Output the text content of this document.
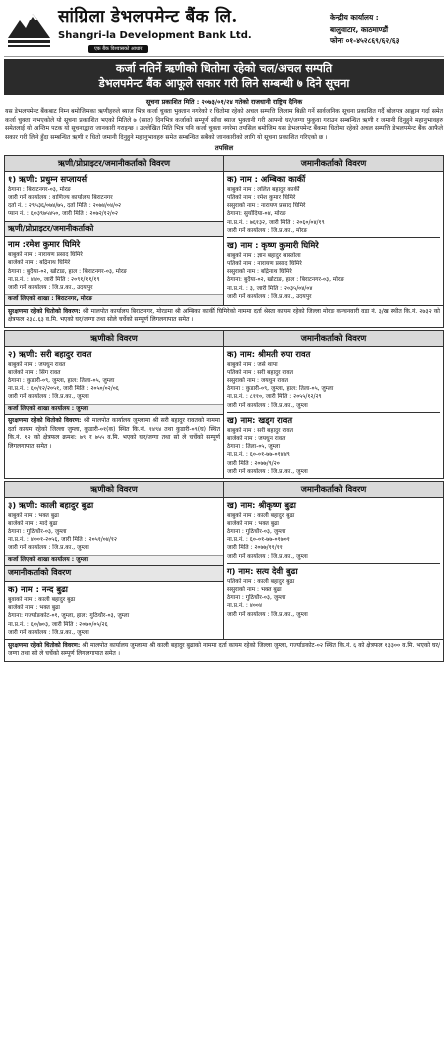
सांग्रिला डेभलपमेन्ट बैंक लि.
Shangri-la Development Bank Ltd.
एक बैंक विश्वासको आधार
केन्द्रीय कार्यालय :
बालुवाटार, काठमाण्डौं
फोनः ०१-४५२८६९/६२/६३
कर्जा नतिर्ने ऋणीको धितोमा रहेको चल/अचल सम्पति
डेभलपमेन्ट बैंक आफूले सकार गरी लिने सम्बन्धी ७ दिने सूचना
सूचना प्रकाशित मिति : २०७३/०१/२४ गतेको राजधानी राष्ट्रिय दैनिक
यस डेभलपमेन्ट बैंकबाट निम्न बमोजिमका ऋणीहरुले ब्याज भित्र कर्जा चुक्ता भुक्तान नगरेको र धितोमा रहेको अचल सम्पत्ति लिलाम बिक्री गर्ने सार्वजनिक सूचना प्रकाशित गर्दै बोलपत्र आह्वान गर्दा समेत कर्जा चुक्ता नभएकोले यो सूचना प्रकाशित भएको मितिले ७ (सात) दिनभित्र कर्जाको सम्पूर्ण साँवा ब्याज भुक्तानी गरी आफ्नो घर/जग्गा फुकुवा गराउन सम्बन्धित ऋणी र जमानी दिनुहुने महानुभावहरु समेतलाई यो अन्तिम पटक यो सूचनाद्वारा जानकारी गराइन्छ । उल्लेखित मिति भित्र पनि कर्जा चुक्ता नगरेमा तपसिल बमोजिम यस डेभलपमेन्ट बैंकमा धितोमा रहेको अचल सम्पत्ति डेभलपमेन्ट बैंक आफैले सकार गरी लिने हुँदा सम्बन्धित ऋणी र धितो जमानी दिनुहुने महानुभावहरु समेत सम्बन्धित सबैको जानकारीको लागि यो सूचना प्रकाशित गरिएको छ ।
तपसिल
ऋणी/प्रोप्राइटर/जमानीकर्ताको विवरण	जमानीकर्ताको विवरण
१) ऋणी: प्रधुम्न सप्लायर्स
ठेगाना : बिराटनगर-०३, मोरङ
जारी गर्ने कार्यालय : वाणिज्य कार्यालय बिराटनगर
दर्ता नं. : २९५३६/०७४/७५, दर्ता मिति : २०७४/०४/०२
प्यान नं. : ६०३९७५४५०, जारी मिति : २०७२/१२/०२
ऋणी/प्रोप्राइटर/जमानीकर्ताको
नाम :रमेश कुमार घिमिरे
बाबुको नाम : नारायण प्रसाद घिमिरे
बाजेको नाम : बद्रिनाथ घिमिरे
ठेगाना : बुदैया-०२, खोटाङ, हाल : बिराटनगर-०३, मोरङ
ना.प्र.नं. : ४४०, जारी मिति : २०९१/११/१९
जारी गर्ने कार्यालय : जि.प्र.का., उदयपुर
कर्जा लिएको शाखा : बिराटनगर, मोरङ
क) नाम : अम्बिका कार्की
बाबुको नाम : ललित बहादुर कार्की
पतिको नाम : रमेश कुमार घिमिरे
ससुराको नाम : नारायण प्रसाद घिमिरे
ठेगाना: सुर्योदिया-०४, मोरङ
ना.प्र.नं. : ७६१३२, जारी मिति : २०६०/०४/१९
जारी गर्ने कार्यालय : जि.प्र.का., मोरङ
ख) नाम : कृष्ण कुमारी घिमिरे
बाबुको नाम : ज्ञान बहादुर बास्तोला
पतिको नाम : नारायण प्रसाद घिमिरे
ससुराको नाम : बद्रिनाथ घिमिरे
ठेगाना: बुदैया-०२, खोटाङ, हाल : बिराटनगर-०३, मोरङ
ना.प्र.नं. : ३, जारी मिति : २०३५/०४/०४
जारी गर्ने कार्यालय : जि.प्र.का., उदयपुर
सुरक्षणमा रहेको धितोको विवरण: श्री मालपोत कार्यालय बिराटनगर, मोरङमा श्री अम्बिका कार्की घिमिरेको नाममा दर्ता श्रेस्ता कायम रहेको जिल्ला मोरङ कन्चनवारी वडा नं. ३/ख स्थीत कि.नं. २७३२ को क्षेत्रफल २३८.६३ व.मि. भएको घर/जग्गा तथा सोले चर्चेको सम्पूर्ण लिगलगापात समेत ।
ऋणीको विवरण	जमानीकर्ताको विवरण
२) ऋणी: सरी बहादुर रावत
बाबुको नाम : जयधुन रावत
बाजेको नाम : सिंग रावत
ठेगाना : कुडारी-०९, जुम्ला, हाल: तिला-०५, जुम्ला
ना.प्र.नं. : ६०/१२/२०५१, जारी मिति : २०५०/०२/०६
जारी गर्ने कार्यालय : जि.प्र.का., जुम्ला
कर्जा लिएको शाखा कार्यालय : जुम्ला
सुरक्षणमा रहेको धितोको विवरण: श्री मालपोत कार्यालय जुम्लामा श्री सरी बहादुर रावतको नाममा दर्ता कायम रहेको जिल्ला जुम्ला, कुडारी-०१(क) स्थित कि.नं. १४९४ तथा कुडारी-०९(घ) स्थित कि.नं. १२ को क्षेत्रफल क्रमश: ७९ र ७५५ व.मि. भएको घर/जग्गा तथा सो ले चर्चेको सम्पूर्ण लिगलगापात समेत ।
क) नाम: श्रीमती रुपा रावत
बाबुको नाम : जसे थापा
पतिको नाम : सरी बहादुर रावत
ससुराको नाम : जयधुन रावत
ठेगाना : कुडारी-०९, जुम्ला, हाल: तिला-०५, जुम्ला
ना.प्र.नं. : ८११०, जारी मिति : २०५५/१२/२९
जारी गर्ने कार्यालय : जि.प्र.का., जुम्ला
ख) नाम: खड्ग रावत
बाबुको नाम : सरी बहादुर रावत
बाजेको नाम : जयधुन रावत
ठेगाना : तिला-०५, जुम्ला
ना.प्र.नं. : ६०-०१-७७-०१४४९
जारी मिति : २०७७/९/२०
जारी गर्ने कार्यालय : जि.प्र.का., जुम्ला
ऋणीको विवरण	जमानीकर्ताको विवरण
३) ऋणी: काली बहादुर बुढा
बाबुको नाम : भक्त बुढा
बाजेको नाम : मादे बुढा
ठेगाना : गुठिचौर-०३, जुम्ला
ना.प्र.नं. : ४००१-२०५६, जारी मिति : २०५१/०४/१२
जारी गर्ने कार्यालय : जि.प्र.का., जुम्ला
कर्जा लिएको शाखा कार्यालय : जुम्ला
जमानीकर्ताको विवरण
क) नाम : नन्द बुढा
बुवाको नाम : काली बहादुर बुढा
बाजेको नाम : भक्त बुढा
ठेगाना: गर्ज्याङकोट-०१, जुम्ला, हाल: गुठिचौर-०३, जुम्ला
ना.प्र.नं. : ६०/७०३, जारी मिति : २०७०/०५/२६
जारी गर्ने कार्यालय : जि.प्र.का., जुम्ला
ख) नाम: श्रीकृष्ण बुढा
बाबुको नाम : काली बहादुर बुढा
बाजेको नाम : भक्त बुढा
ठेगाना : गुठिचौर-०३, जुम्ला
ना.प्र.नं. : ६०-०१-७७-०१७०१
जारी मिति : २०७७/११/११
जारी गर्ने कार्यालय : जि.प्र.का., जुम्ला
ग) नाम: सत्य देवी बुढा
पतिको नाम : काली बहादुर बुढा
ससुराको नाम : भक्त बुढा
ठेगाना : गुठिचौर-०३, जुम्ला
ना.प्र.नं. : ४००४
जारी गर्ने कार्यालय : जि.प्र.का., जुम्ला
सुरक्षणमा रहेको धितोको विवरण: श्री मालपोत कार्यालय जुम्लामा श्री काली बहादुर बुढाको नाममा दर्ता कायम रहेको जिल्ला जुम्ला, गर्ज्याङकोट-०२ स्थित कि.नं. ६ को क्षेत्रफल १३३०० व.मि. भएको घर/जग्गा तथा सो ले चर्चेको सम्पूर्ण लिगलगापात समेत ।
